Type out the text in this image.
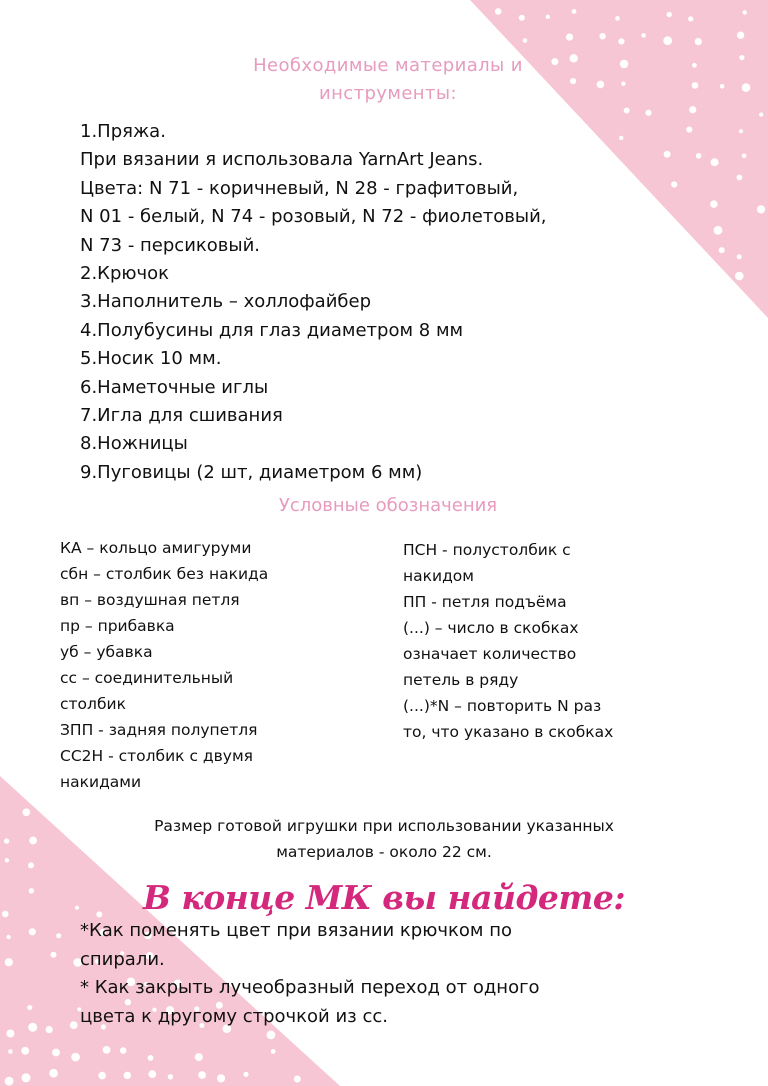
Необходимые материалы и
инструменты:
1.Пряжа.
При вязании я использовала YarnArt Jeans.
Цвета: N 71 - коричневый, N 28 - графитовый,
N 01 - белый, N 74 - розовый, N 72 - фиолетовый,
N 73 - персиковый.
2.Крючок
3.Наполнитель – холлофайбер
4.Полубусины для глаз диаметром 8 мм
5.Носик 10 мм.
6.Наметочные иглы
7.Игла для сшивания
8.Ножницы
9.Пуговицы (2 шт, диаметром 6 мм)
Условные обозначения
КА – кольцо амигуруми
сбн – столбик без накида
вп – воздушная петля
пр – прибавка
уб – убавка
сс – соединительный
столбик
ЗПП - задняя полупетля
СС2Н - столбик с двумя
накидами
ПСН - полустолбик с
накидом
ПП - петля подъёма
(...) – число в скобках
означает количество
петель в ряду
(...)*N – повторить N раз
то, что указано в скобках
Размер готовой игрушки при использовании указанных
материалов - около 22 см.
В конце МК вы найдете:
*Как поменять цвет при вязании крючком по
спирали.
* Как закрыть лучеобразный переход от одного
цвета к другому строчкой из сс.
